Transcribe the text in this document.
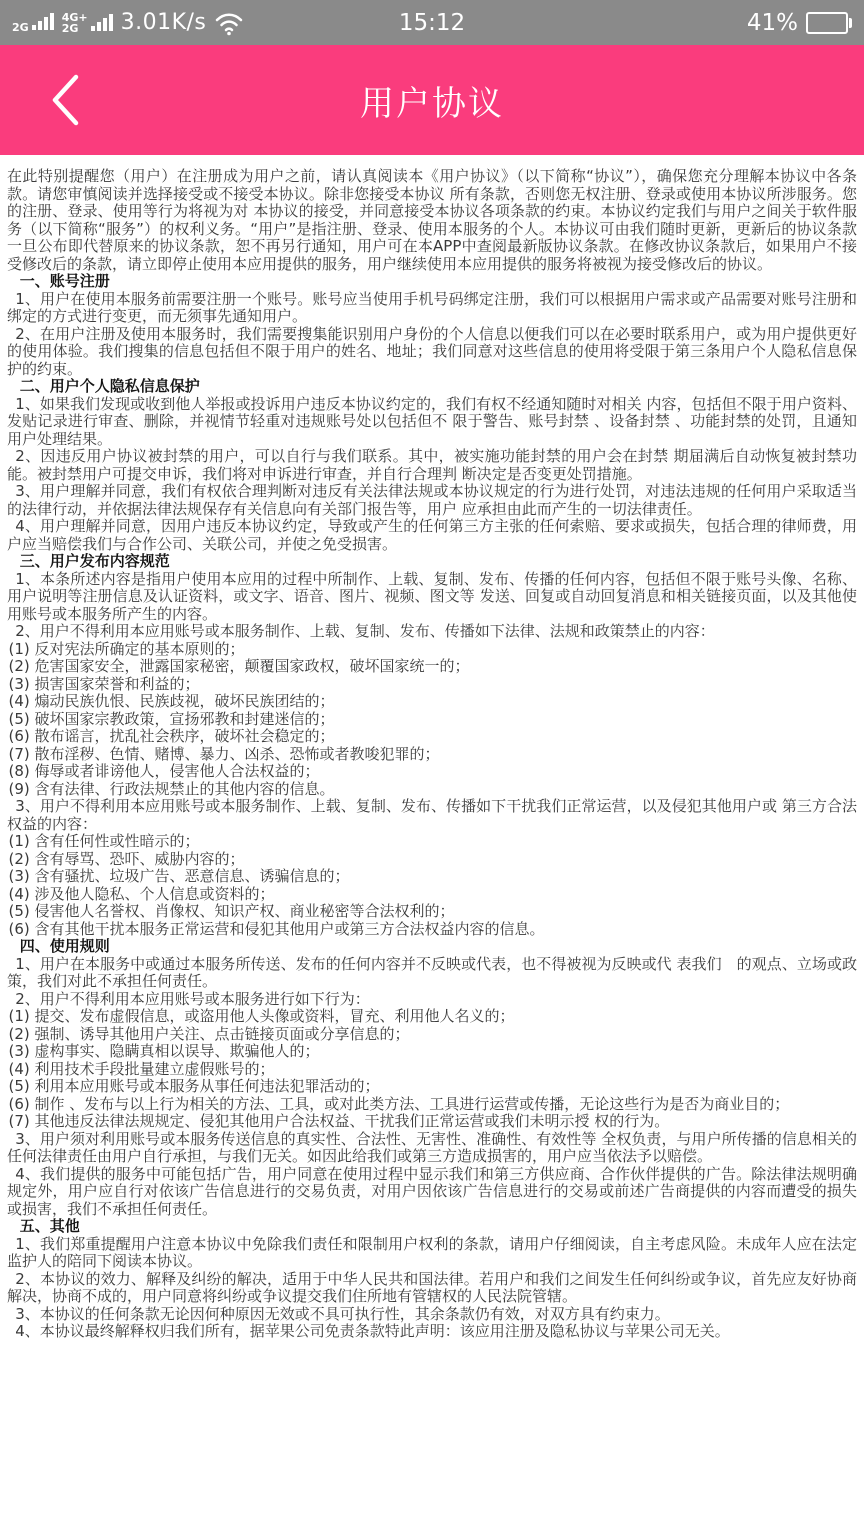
2G
4G+
2G	3.01K/s	15:12	41%
用户协议
在此特别提醒您（用户）在注册成为用户之前，请认真阅读本《用户协议》（以下简称“协议”），确保您充分理解本协议中各条款。请您审慎阅读并选择接受或不接受本协议。除非您接受本协议 所有条款，否则您无权注册、登录或使用本协议所涉服务。您的注册、登录、使用等行为将视为对 本协议的接受，并同意接受本协议各项条款的约束。本协议约定我们与用户之间关于软件服务（以下简称“服务”）的权利义务。“用户”是指注册、登录、使用本服务的个人。本协议可由我们随时更新，更新后的协议条款一旦公布即代替原来的协议条款，恕不再另行通知，用户可在本APP中查阅最新版协议条款。在修改协议条款后，如果用户不接受修改后的条款，请立即停止使用本应用提供的服务，用户继续使用本应用提供的服务将被视为接受修改后的协议。
一、账号注册
1、用户在使用本服务前需要注册一个账号。账号应当使用手机号码绑定注册，我们可以根据用户需求或产品需要对账号注册和绑定的方式进行变更，而无须事先通知用户。
2、在用户注册及使用本服务时，我们需要搜集能识别用户身份的个人信息以便我们可以在必要时联系用户，或为用户提供更好的使用体验。我们搜集的信息包括但不限于用户的姓名、地址；我们同意对这些信息的使用将受限于第三条用户个人隐私信息保护的约束。
二、用户个人隐私信息保护
1、如果我们发现或收到他人举报或投诉用户违反本协议约定的，我们有权不经通知随时对相关 内容，包括但不限于用户资料、发贴记录进行审查、删除，并视情节轻重对违规账号处以包括但不 限于警告、账号封禁 、设备封禁 、功能封禁的处罚，且通知用户处理结果。
2、因违反用户协议被封禁的用户，可以自行与我们联系。其中，被实施功能封禁的用户会在封禁 期届满后自动恢复被封禁功能。被封禁用户可提交申诉，我们将对申诉进行审查，并自行合理判 断决定是否变更处罚措施。
3、用户理解并同意，我们有权依合理判断对违反有关法律法规或本协议规定的行为进行处罚，对违法违规的任何用户采取适当的法律行动，并依据法律法规保存有关信息向有关部门报告等，用户 应承担由此而产生的一切法律责任。
4、用户理解并同意，因用户违反本协议约定，导致或产生的任何第三方主张的任何索赔、要求或损失，包括合理的律师费，用户应当赔偿我们与合作公司、关联公司，并使之免受损害。
三、用户发布内容规范
1、本条所述内容是指用户使用本应用的过程中所制作、上载、复制、发布、传播的任何内容，包括但不限于账号头像、名称、用户说明等注册信息及认证资料，或文字、语音、图片、视频、图文等 发送、回复或自动回复消息和相关链接页面，以及其他使用账号或本服务所产生的内容。
2、用户不得利用本应用账号或本服务制作、上载、复制、发布、传播如下法律、法规和政策禁止的内容：
(1) 反对宪法所确定的基本原则的；
(2) 危害国家安全，泄露国家秘密，颠覆国家政权，破坏国家统一的；
(3) 损害国家荣誉和利益的；
(4) 煽动民族仇恨、民族歧视，破坏民族团结的；
(5) 破坏国家宗教政策，宣扬邪教和封建迷信的；
(6) 散布谣言，扰乱社会秩序，破坏社会稳定的；
(7) 散布淫秽、色情、赌博、暴力、凶杀、恐怖或者教唆犯罪的；
(8) 侮辱或者诽谤他人，侵害他人合法权益的；
(9) 含有法律、行政法规禁止的其他内容的信息。
3、用户不得利用本应用账号或本服务制作、上载、复制、发布、传播如下干扰我们正常运营，以及侵犯其他用户或 第三方合法权益的内容：
(1) 含有任何性或性暗示的；
(2) 含有辱骂、恐吓、威胁内容的；
(3) 含有骚扰、垃圾广告、恶意信息、诱骗信息的；
(4) 涉及他人隐私、个人信息或资料的；
(5) 侵害他人名誉权、肖像权、知识产权、商业秘密等合法权利的；
(6) 含有其他干扰本服务正常运营和侵犯其他用户或第三方合法权益内容的信息。
四、使用规则
1、用户在本服务中或通过本服务所传送、发布的任何内容并不反映或代表，也不得被视为反映或代 表我们　的观点、立场或政策，我们对此不承担任何责任。
2、用户不得利用本应用账号或本服务进行如下行为：
(1) 提交、发布虚假信息，或盗用他人头像或资料，冒充、利用他人名义的；
(2) 强制、诱导其他用户关注、点击链接页面或分享信息的；
(3) 虚构事实、隐瞒真相以误导、欺骗他人的；
(4) 利用技术手段批量建立虚假账号的；
(5) 利用本应用账号或本服务从事任何违法犯罪活动的；
(6) 制作 、发布与以上行为相关的方法、工具，或对此类方法、工具进行运营或传播，无论这些行为是否为商业目的；
(7) 其他违反法律法规规定、侵犯其他用户合法权益、干扰我们正常运营或我们未明示授 权的行为。
3、用户须对利用账号或本服务传送信息的真实性、合法性、无害性、准确性、有效性等 全权负责，与用户所传播的信息相关的任何法律责任由用户自行承担，与我们无关。如因此给我们或第三方造成损害的，用户应当依法予以赔偿。
4、我们提供的服务中可能包括广告，用户同意在使用过程中显示我们和第三方供应商、合作伙伴提供的广告。除法律法规明确规定外，用户应自行对依该广告信息进行的交易负责，对用户因依该广告信息进行的交易或前述广告商提供的内容而遭受的损失或损害，我们不承担任何责任。
五、其他
1、我们郑重提醒用户注意本协议中免除我们责任和限制用户权利的条款，请用户仔细阅读，自主考虑风险。未成年人应在法定监护人的陪同下阅读本协议。
2、本协议的效力、解释及纠纷的解决，适用于中华人民共和国法律。若用户和我们之间发生任何纠纷或争议，首先应友好协商解决，协商不成的，用户同意将纠纷或争议提交我们住所地有管辖权的人民法院管辖。
3、本协议的任何条款无论因何种原因无效或不具可执行性，其余条款仍有效，对双方具有约束力。
4、本协议最终解释权归我们所有，据苹果公司免责条款特此声明：该应用注册及隐私协议与苹果公司无关。
